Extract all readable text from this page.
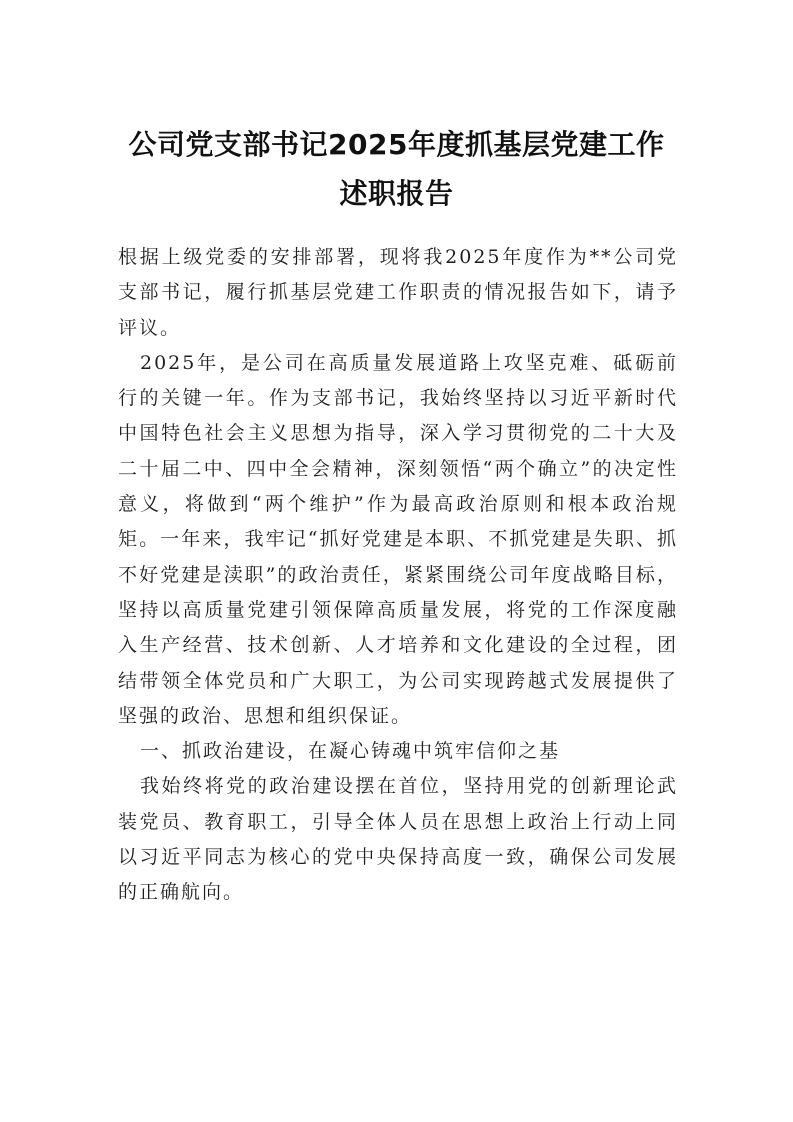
公司党支部书记2025年度抓基层党建工作
述职报告

根据上级党委的安排部署，现将我2025年度作为**公司党支部书记，履行抓基层党建工作职责的情况报告如下，请予评议。

2025年，是公司在高质量发展道路上攻坚克难、砥砺前行的关键一年。作为支部书记，我始终坚持以习近平新时代中国特色社会主义思想为指导，深入学习贯彻党的二十大及二十届二中、四中全会精神，深刻领悟“两个确立”的决定性意义，将做到“两个维护”作为最高政治原则和根本政治规矩。一年来，我牢记“抓好党建是本职、不抓党建是失职、抓不好党建是渎职”的政治责任，紧紧围绕公司年度战略目标，坚持以高质量党建引领保障高质量发展，将党的工作深度融入生产经营、技术创新、人才培养和文化建设的全过程，团结带领全体党员和广大职工，为公司实现跨越式发展提供了坚强的政治、思想和组织保证。

一、抓政治建设，在凝心铸魂中筑牢信仰之基

我始终将党的政治建设摆在首位，坚持用党的创新理论武装党员、教育职工，引导全体人员在思想上政治上行动上同以习近平同志为核心的党中央保持高度一致，确保公司发展的正确航向。
